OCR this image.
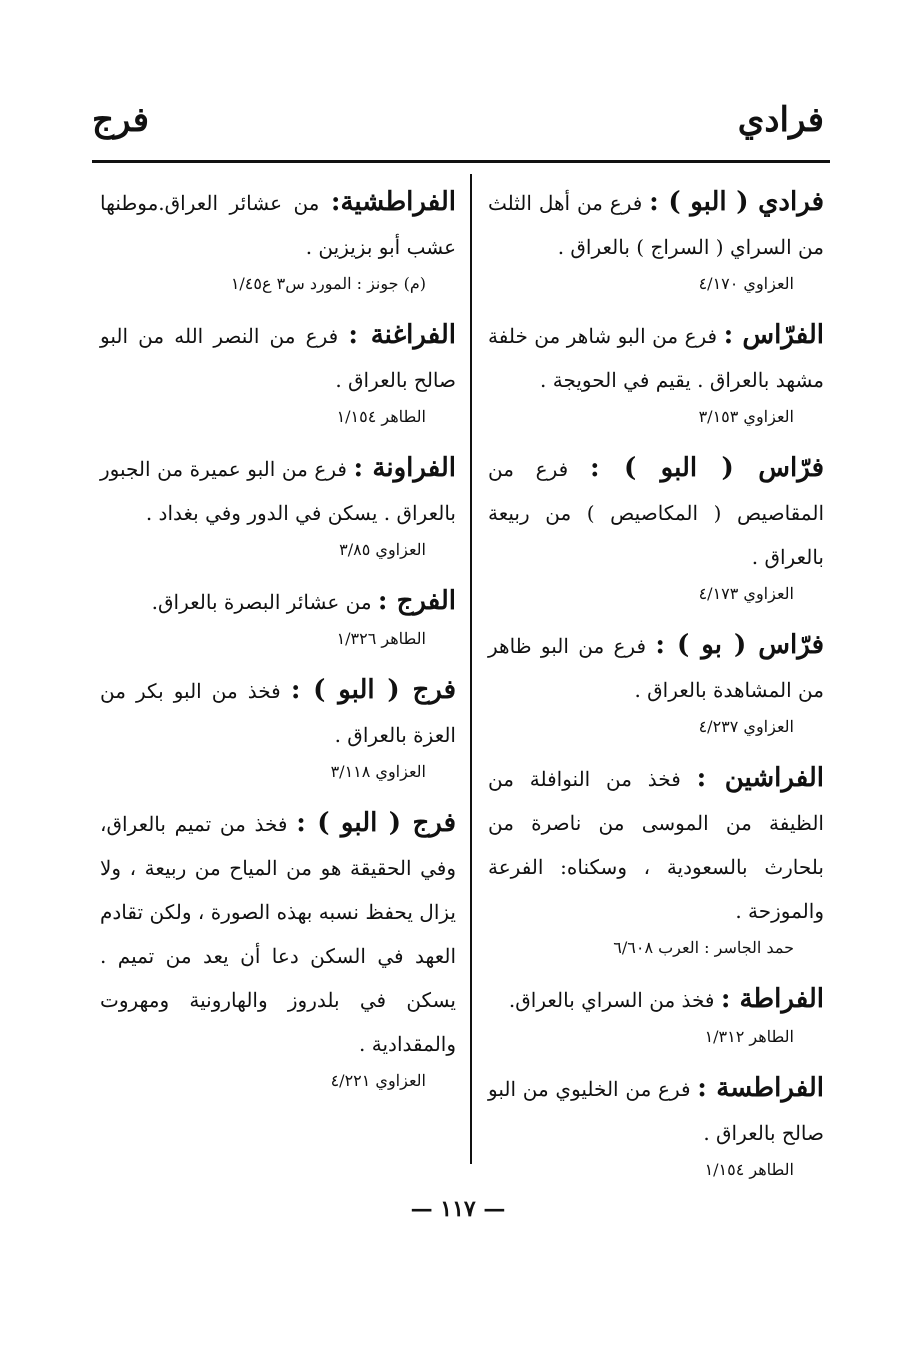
فرادي
فرج

فرادي ( البو ) : فرع من أهل الثلث من السراي ( السراج ) بالعراق .

العزاوي ٤/١٧٠

الفرّاس : فرع من البو شاهر من خلفة مشهد بالعراق . يقيم في الحويجة .

العزاوي ٣/١٥٣

فرّاس ( البو ) : فرع من المقاصيص ( المكاصيص ) من ربيعة بالعراق .

العزاوي ٤/١٧٣

فرّاس ( بو ) : فرع من البو ظاهر من المشاهدة بالعراق .

العزاوي ٤/٢٣٧

الفراشين : فخذ من النوافلة من الظيفة من الموسى من ناصرة من بلحارث بالسعودية ، وسكناه: الفرعة والموزحة .

حمد الجاسر : العرب ٦/٦٠٨

الفراطة : فخذ من السراي بالعراق.

الطاهر ١/٣١٢

الفراطسة : فرع من الخليوي من البو صالح بالعراق .

الطاهر ١/١٥٤

الفراطشية: من عشائر العراق.موطنها عشب أبو بزيزين .

(م) جونز : المورد س٣ ع١/٤٥

الفراغنة : فرع من النصر الله من البو صالح بالعراق .

الطاهر ١/١٥٤

الفراونة : فرع من البو عميرة من الجبور بالعراق . يسكن في الدور وفي بغداد .

العزاوي ٣/٨٥

الفرج : من عشائر البصرة بالعراق.

الطاهر ١/٣٢٦

فرج ( البو ) : فخذ من البو بكر من العزة بالعراق .

العزاوي ٣/١١٨

فرج ( البو ) : فخذ من تميم بالعراق، وفي الحقيقة هو من المياح من ربيعة ، ولا يزال يحفظ نسبه بهذه الصورة ، ولكن تقادم العهد في السكن دعا أن يعد من تميم . يسكن في بلدروز والهارونية ومهروت والمقدادية .

العزاوي ٤/٢٢١

— ١١٧ —
